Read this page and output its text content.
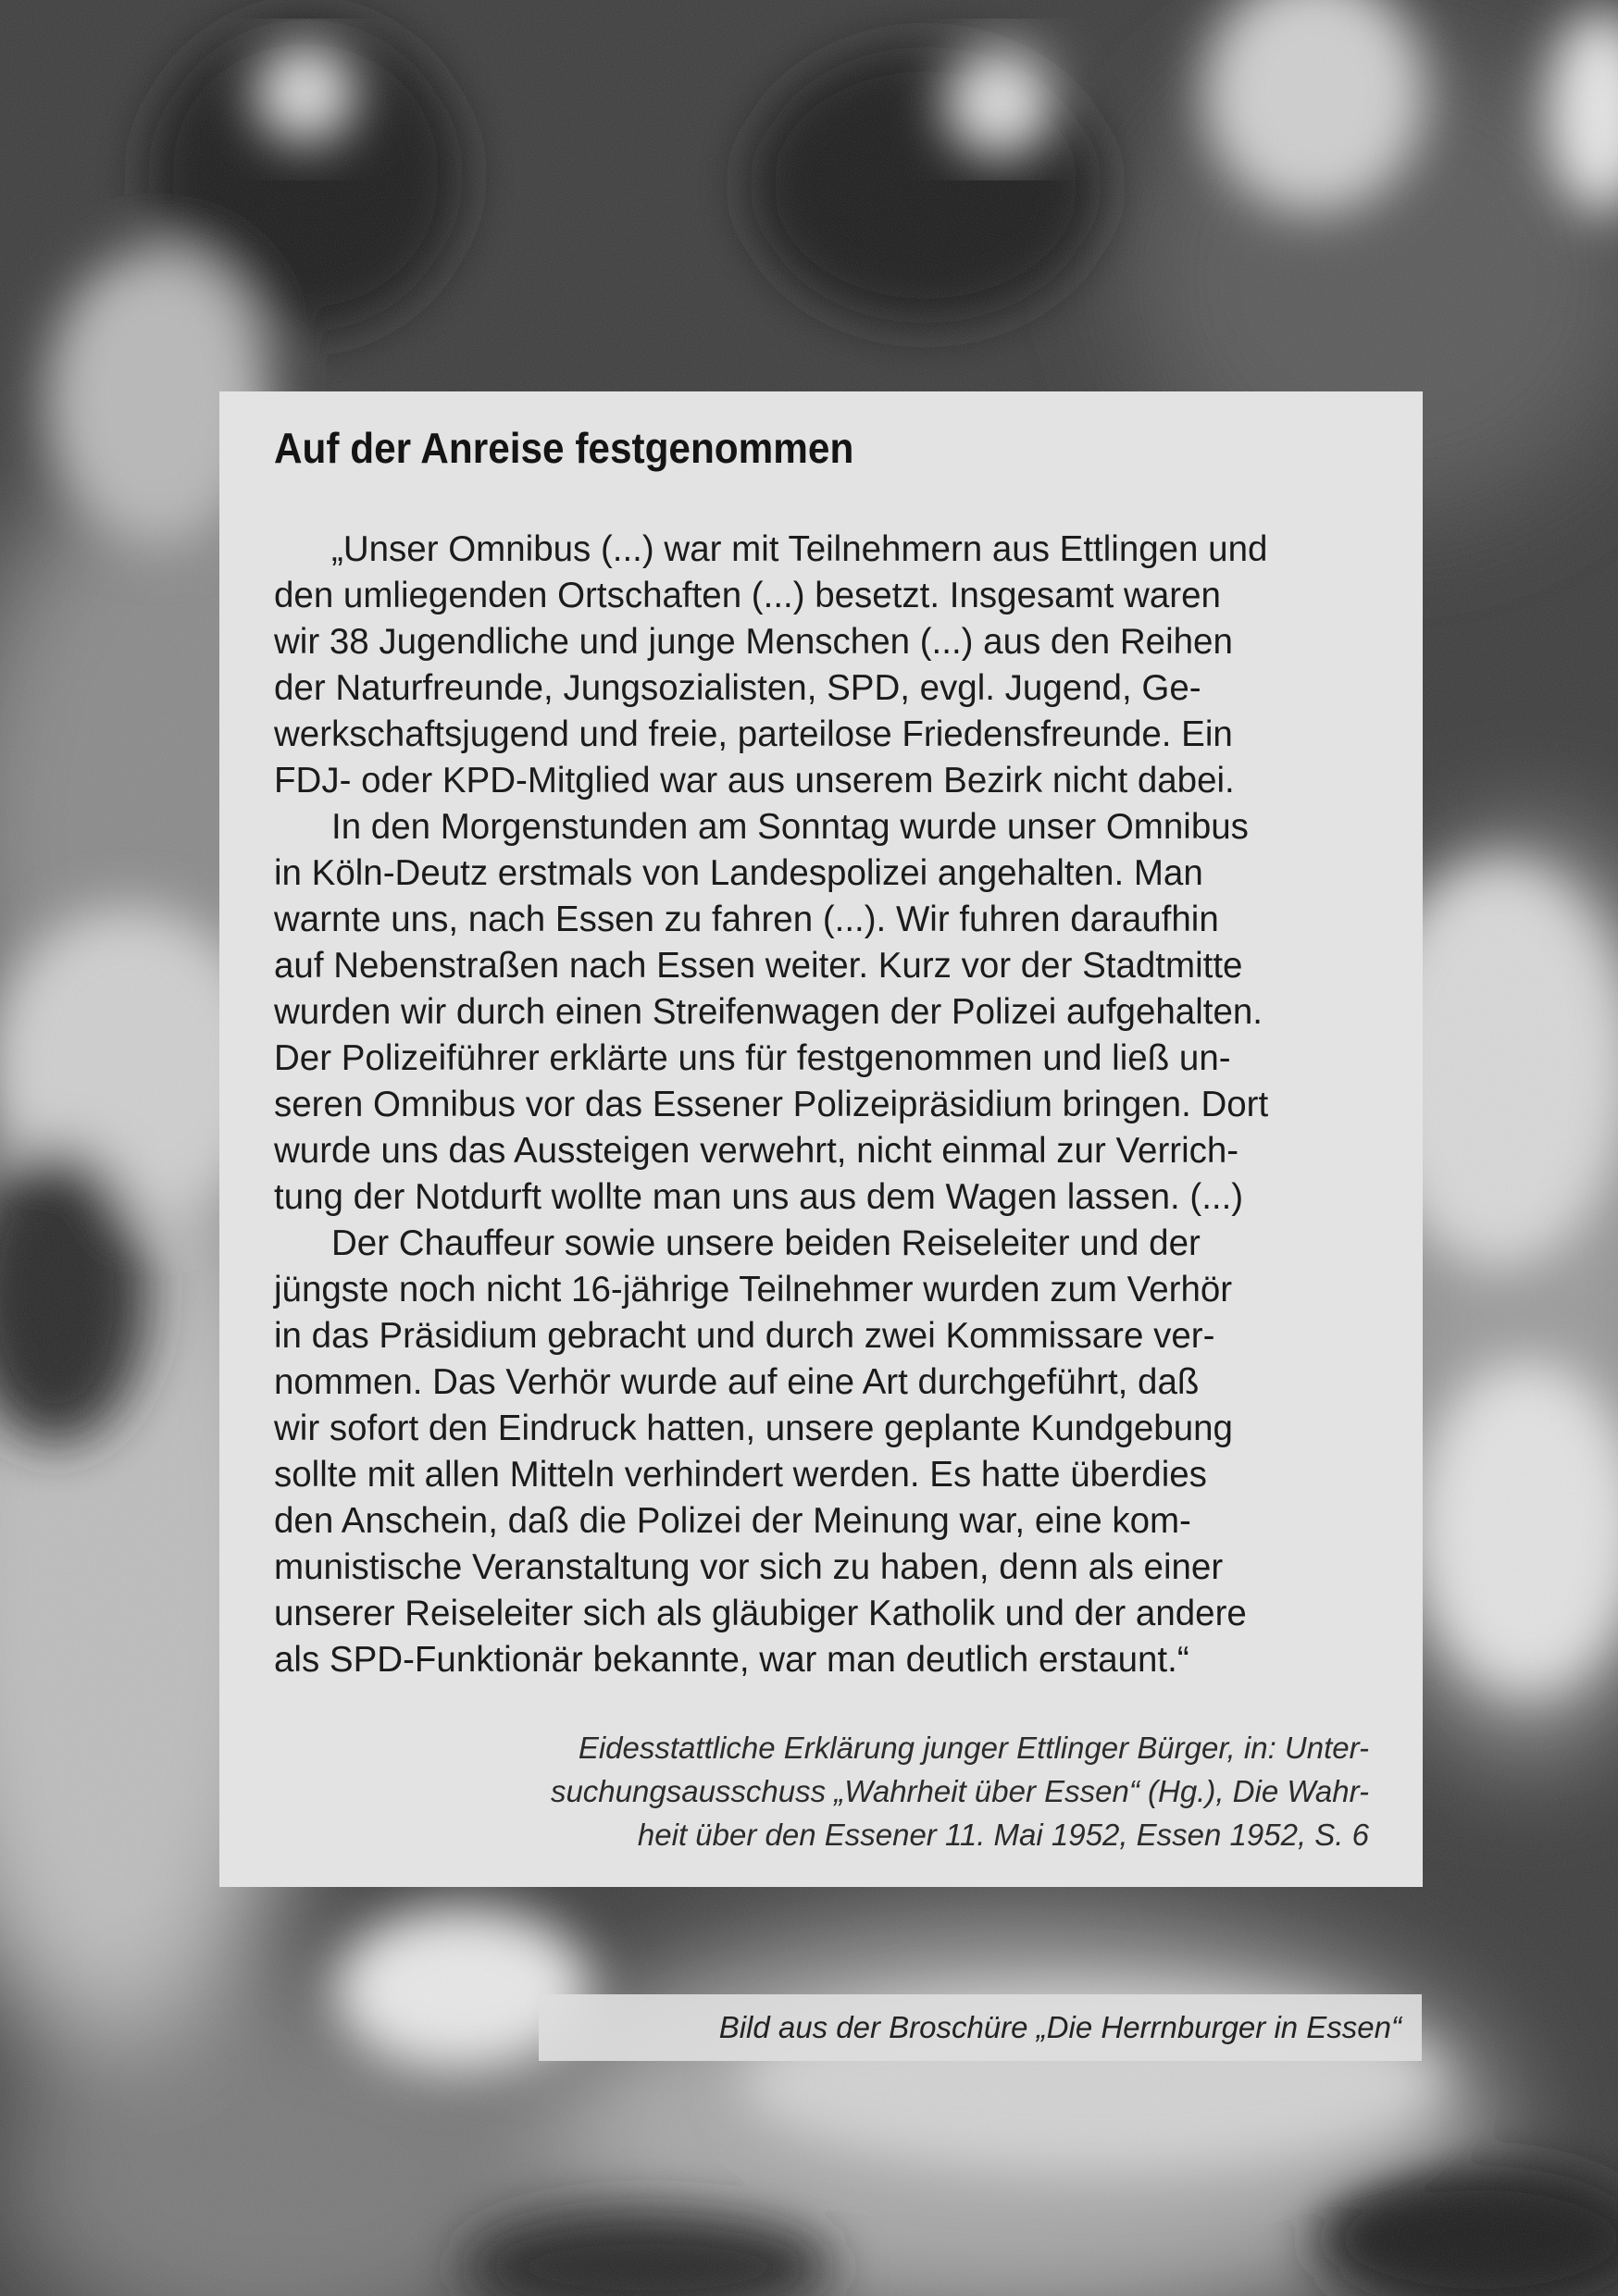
Auf der Anreise festgenommen
„Unser Omnibus (...) war mit Teilnehmern aus Ettlingen und
den umliegenden Ortschaften (...) besetzt. Insgesamt waren
wir 38 Jugendliche und junge Menschen (...) aus den Reihen
der Naturfreunde, Jungsozialisten, SPD, evgl. Jugend, Ge-
werkschaftsjugend und freie, parteilose Friedensfreunde. Ein
FDJ- oder KPD-Mitglied war aus unserem Bezirk nicht dabei.
In den Morgenstunden am Sonntag wurde unser Omnibus
in Köln-Deutz erstmals von Landespolizei angehalten. Man
warnte uns, nach Essen zu fahren (...). Wir fuhren daraufhin
auf Nebenstraßen nach Essen weiter. Kurz vor der Stadtmitte
wurden wir durch einen Streifenwagen der Polizei aufgehalten.
Der Polizeiführer erklärte uns für festgenommen und ließ un-
seren Omnibus vor das Essener Polizeipräsidium bringen. Dort
wurde uns das Aussteigen verwehrt, nicht einmal zur Verrich-
tung der Notdurft wollte man uns aus dem Wagen lassen. (...)
Der Chauffeur sowie unsere beiden Reiseleiter und der
jüngste noch nicht 16-jährige Teilnehmer wurden zum Verhör
in das Präsidium gebracht und durch zwei Kommissare ver-
nommen. Das Verhör wurde auf eine Art durchgeführt, daß
wir sofort den Eindruck hatten, unsere geplante Kundgebung
sollte mit allen Mitteln verhindert werden. Es hatte überdies
den Anschein, daß die Polizei der Meinung war, eine kom-
munistische Veranstaltung vor sich zu haben, denn als einer
unserer Reiseleiter sich als gläubiger Katholik und der andere
als SPD-Funktionär bekannte, war man deutlich erstaunt.“
Eidesstattliche Erklärung junger Ettlinger Bürger, in: Unter-
suchungsausschuss „Wahrheit über Essen“ (Hg.), Die Wahr-
heit über den Essener 11. Mai 1952, Essen 1952, S. 6
Bild aus der Broschüre „Die Herrnburger in Essen“
